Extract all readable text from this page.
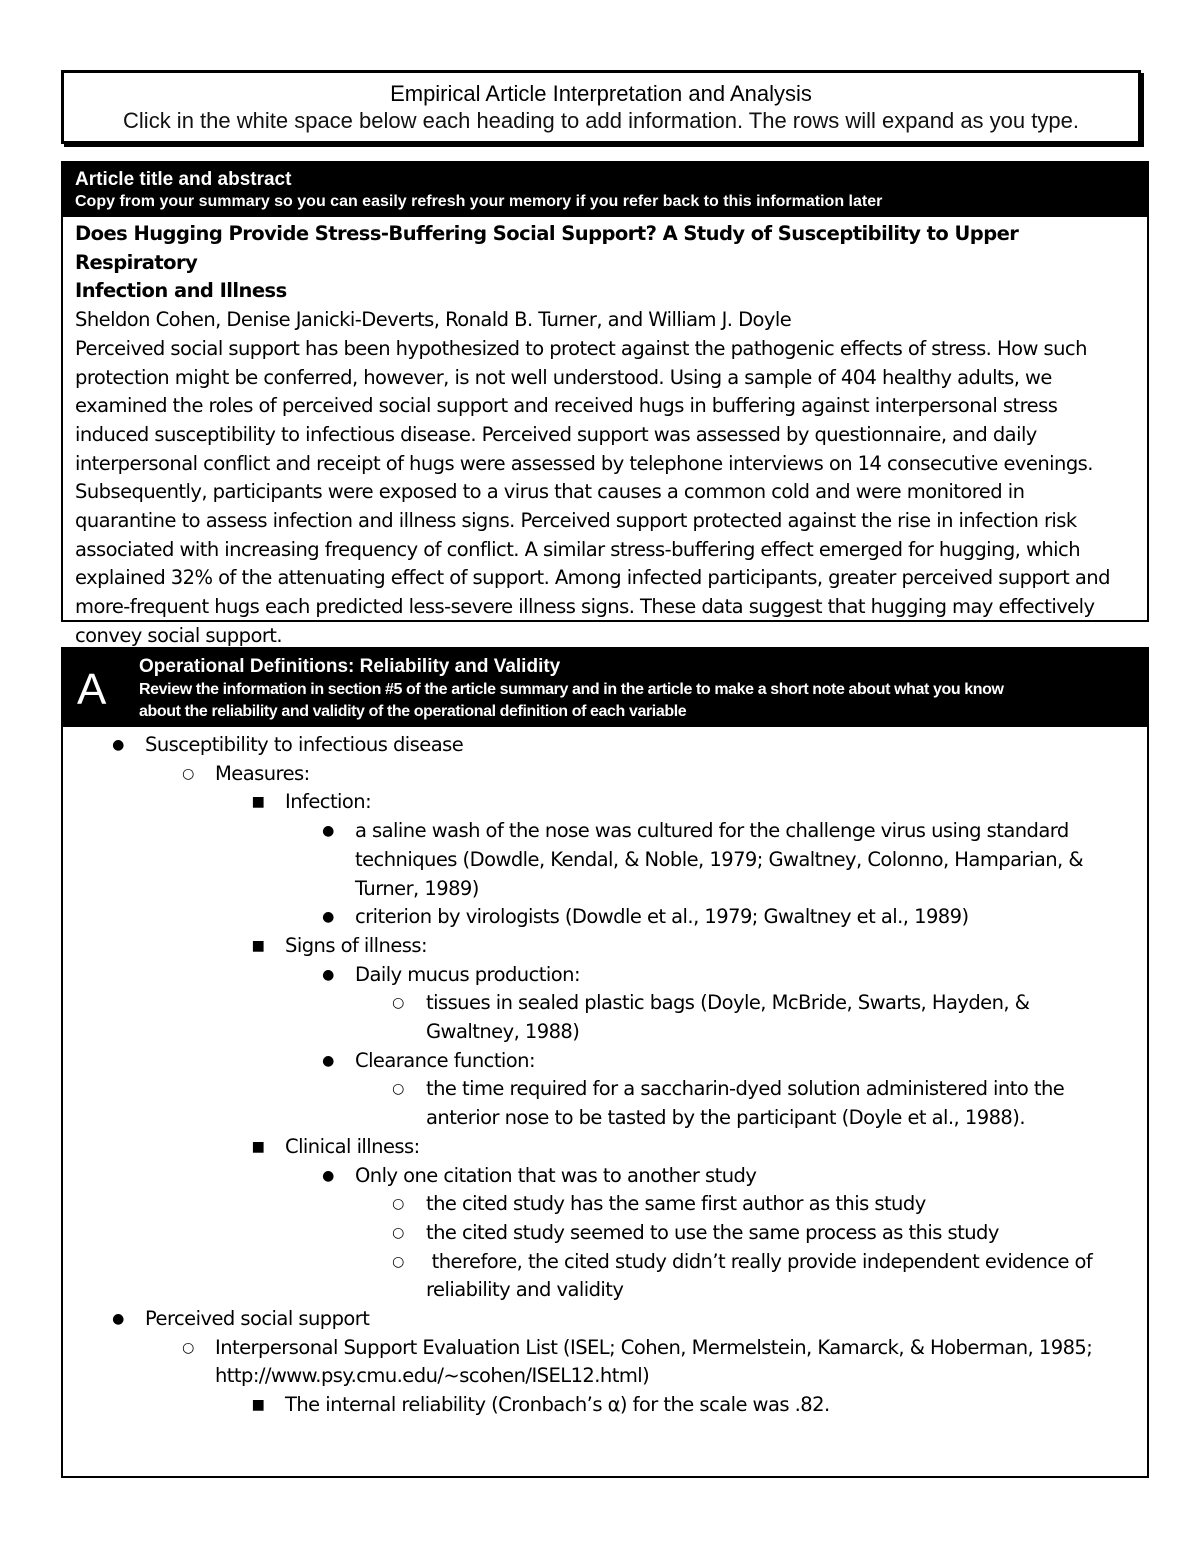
Empirical Article Interpretation and Analysis
Click in the white space below each heading to add information. The rows will expand as you type.
Article title and abstract
Copy from your summary so you can easily refresh your memory if you refer back to this information later

Does Hugging Provide Stress-Buffering Social Support? A Study of Susceptibility to Upper Respiratory

Infection and Illness

Sheldon Cohen, Denise Janicki-Deverts, Ronald B. Turner, and William J. Doyle

Perceived social support has been hypothesized to protect against the pathogenic effects of stress. How such

protection might be conferred, however, is not well understood. Using a sample of 404 healthy adults, we

examined the roles of perceived social support and received hugs in buffering against interpersonal stress

induced susceptibility to infectious disease. Perceived support was assessed by questionnaire, and daily

interpersonal conflict and receipt of hugs were assessed by telephone interviews on 14 consecutive evenings.

Subsequently, participants were exposed to a virus that causes a common cold and were monitored in

quarantine to assess infection and illness signs. Perceived support protected against the rise in infection risk

associated with increasing frequency of conflict. A similar stress-buffering effect emerged for hugging, which

explained 32% of the attenuating effect of support. Among infected participants, greater perceived support and

more-frequent hugs each predicted less-severe illness signs. These data suggest that hugging may effectively

convey social support.

A Operational Definitions: Reliability and Validity
Review the information in section #5 of the article summary and in the article to make a short note about what you know
about the reliability and validity of the operational definition of each variable
● Susceptibility to infectious disease
○ Measures:
■ Infection:
● a saline wash of the nose was cultured for the challenge virus using standard
techniques (Dowdle, Kendal, & Noble, 1979; Gwaltney, Colonno, Hamparian, &
Turner, 1989)
● criterion by virologists (Dowdle et al., 1979; Gwaltney et al., 1989)
■ Signs of illness:
● Daily mucus production:
○ tissues in sealed plastic bags (Doyle, McBride, Swarts, Hayden, &
Gwaltney, 1988)
● Clearance function:
○ the time required for a saccharin-dyed solution administered into the
anterior nose to be tasted by the participant (Doyle et al., 1988).
■ Clinical illness:
● Only one citation that was to another study
○ the cited study has the same first author as this study
○ the cited study seemed to use the same process as this study
○ therefore, the cited study didn’t really provide independent evidence of
reliability and validity
● Perceived social support
○ Interpersonal Support Evaluation List (ISEL; Cohen, Mermelstein, Kamarck, & Hoberman, 1985;
http://www.psy.cmu.edu/~scohen/ISEL12.html)
■ The internal reliability (Cronbach’s α) for the scale was .82.
